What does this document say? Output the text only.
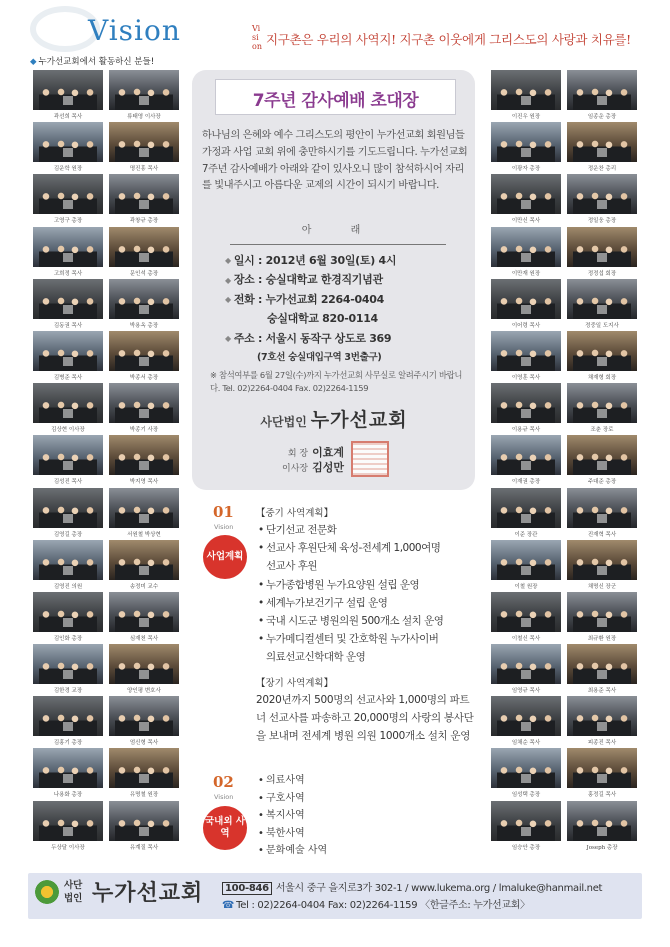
Vision	Vision 지구촌은 우리의 사역지! 지구촌 이웃에게 그리스도의 사랑과 치유를!
◆ 누가선교회에서 활동하신 분들!
곽선희 목사	류태영 이사장
김운학 원장	명진흥 목사
고영구 총장	곽창규 총장
고희정 목사	문인석 총장
김동권 목사	박용옥 총장
김병준 목사	박종서 총장
김상현 이사장	박종기 사장
김성진 목사	박지영 목사
김영길 총장	서원철 박상현
김영진 의원	송정미 교수
김인화 총장	심재천 목사
김한경 교장	양인평 변호사
김홍기 총장	엄신형 목사
나용화 총장	유명철 원장
두상달 이사장	유계질 목사
이진우 원장	임종운 총장
이광자 총장	정운찬 총리
이만신 목사	정일웅 총장
이만재 원장	정정섭 회장
이어령 목사	정중일 도지사
이영훈 목사	채재형 회장
이용규 목사	조춘 장로
이재권 총장	주대준 총장
이준 장관	진재혁 목사
이철 원장	채명신 장군
이철신 목사	최규환 원장
임영규 목사	최용준 목사
임채순 목사	피종진 목사
임성택 총장	홍정길 목사
임승안 총장	Joseph 총장
7주년 감사예배 초대장
하나님의 은혜와 예수 그리스도의 평안이 누가선교회 회원님들 가정과 사업 교회 위에 충만하시기를 기도드립니다. 누가선교회 7주년 감사예배가 아래와 같이 있사오니 많이 참석하시어 자리를 빛내주시고 아름다운 교제의 시간이 되시기 바랍니다.
아 래
◆ 일시 : 2012년 6월 30일(토) 4시
◆ 장소 : 숭실대학교 한경직기념관
◆ 전화 : 누가선교회 2264-0404
숭실대학교 820-0114
◆ 주소 : 서울시 동작구 상도로 369
(7호선 숭실대입구역 3번출구)
※ 참석여부를 6월 27일(수)까지 누가선교회 사무실로 알려주시기 바랍니다. Tel. 02)2264-0404 Fax. 02)2264-1159
사단법인 누가선교회
회 장 이효계
이사장 김성만
01
Vision
사업계획
【중기 사역계획】
• 단기선교 전문화
• 선교사 후원단체 육성-전세계 1,000여명
선교사 후원
• 누가종합병원 누가요양원 설립 운영
• 세계누가보건기구 설립 운영
• 국내 시도군 병원의원 500개소 설치 운영
• 누가메디컬센터 및 간호학원 누가사이버
의료선교신학대학 운영
【장기 사역계획】
2020년까지 500명의 선교사와 1,000명의 파트너 선교사를 파송하고 20,000명의 사랑의 봉사단을 보내며 전세계 병원 의원 1000개소 설치 운영
02
Vision
국내외 사역
• 의료사역
• 구호사역
• 복지사역
• 북한사역
• 문화예술 사역
사단 법인 누가선교회	100-846 서울시 중구 을지로3가 302-1 / www.lukema.org / lmaluke@hanmail.net
☎ Tel : 02)2264-0404 Fax: 02)2264-1159 〈한글주소: 누가선교회〉
